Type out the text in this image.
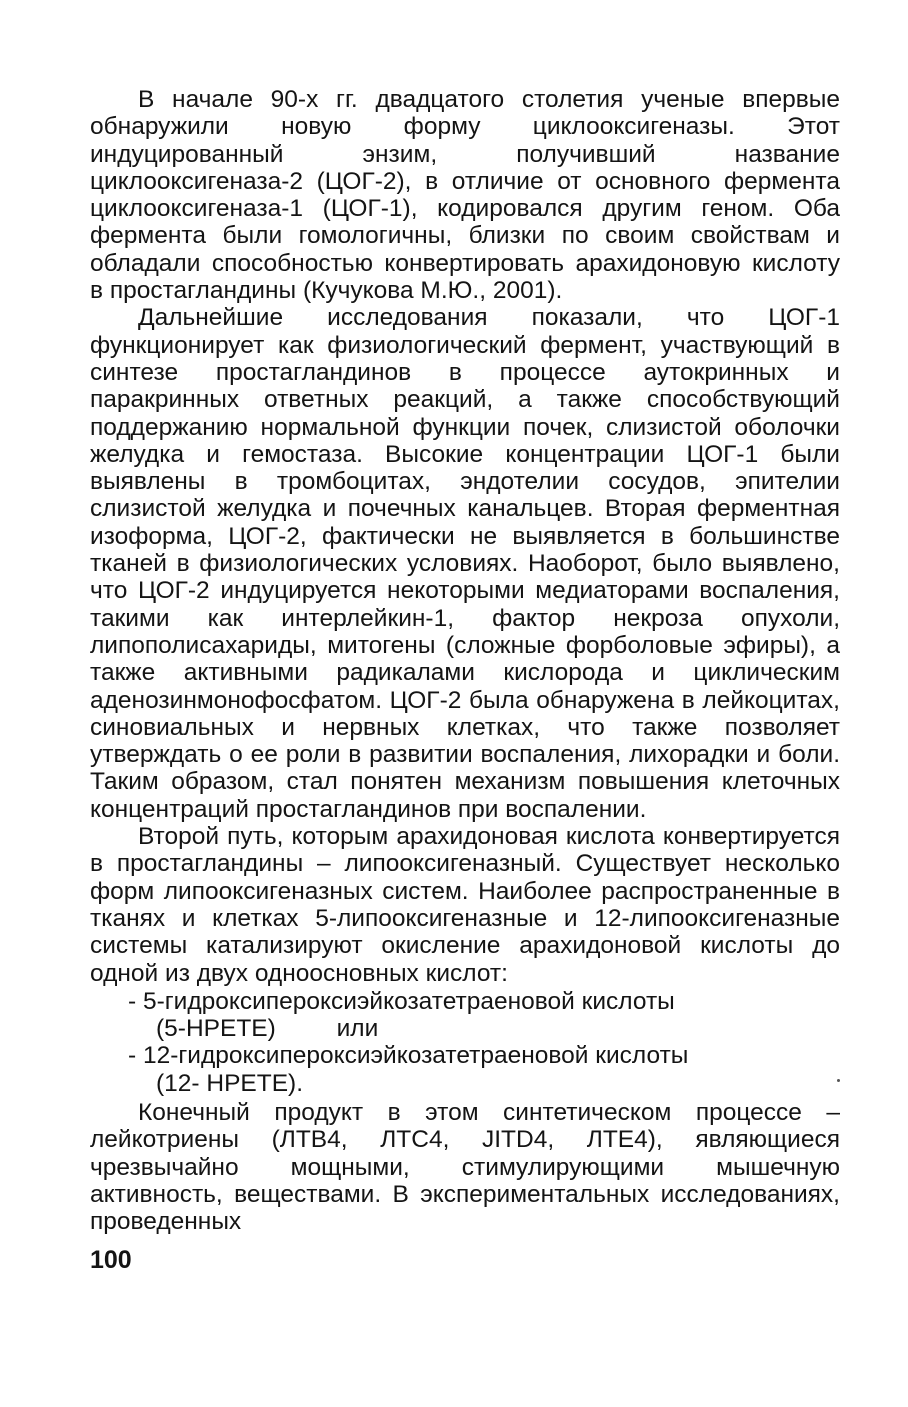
В начале 90-х гг. двадцатого столетия ученые впервые обнаружили новую форму циклооксигеназы. Этот индуцированный энзим, получивший название циклооксигеназа-2 (ЦОГ-2), в отличие от основного фермента циклооксигеназа-1 (ЦОГ-1), кодировался другим геном. Оба фермента были гомологичны, близки по своим свойствам и обладали способностью конвертировать арахидоновую кислоту в простагландины (Кучукова М.Ю., 2001).

Дальнейшие исследования показали, что ЦОГ-1 функционирует как физиологический фермент, участвующий в синтезе простагландинов в процессе аутокринных и паракринных ответных реакций, а также способствующий поддержанию нормальной функции почек, слизистой оболочки желудка и гемостаза. Высокие концентрации ЦОГ-1 были выявлены в тромбоцитах, эндотелии сосудов, эпителии слизистой желудка и почечных канальцев. Вторая ферментная изоформа, ЦОГ-2, фактически не выявляется в большинстве тканей в физиологических условиях. Наоборот, было выявлено, что ЦОГ-2 индуцируется некоторыми медиаторами воспаления, такими как интерлейкин-1, фактор некроза опухоли, липополисахариды, митогены (сложные форболовые эфиры), а также активными радикалами кислорода и циклическим аденозинмонофосфатом. ЦОГ-2 была обнаружена в лейкоцитах, синовиальных и нервных клетках, что также позволяет утверждать о ее роли в развитии воспаления, лихорадки и боли. Таким образом, стал понятен механизм повышения клеточных концентраций простагландинов при воспалении.

Второй путь, которым арахидоновая кислота конвертируется в простагландины – липооксигеназный. Существует несколько форм липооксигеназных систем. Наиболее распространенные в тканях и клетках 5-липооксигеназные и 12-липооксигеназные системы катализируют окисление арахидоновой кислоты до одной из двух одноосновных кислот:

- 5-гидроксипероксиэйкозатетраеновой кислоты
(5-HPETE) или
- 12-гидроксипероксиэйкозатетраеновой кислоты
(12- HPETE).

Конечный продукт в этом синтетическом процессе – лейкотриены (ЛТВ4, ЛТС4, JITD4, ЛТЕ4), являющиеся чрезвычайно мощными, стимулирующими мышечную активность, веществами. В экспериментальных исследованиях, проведенных

100
